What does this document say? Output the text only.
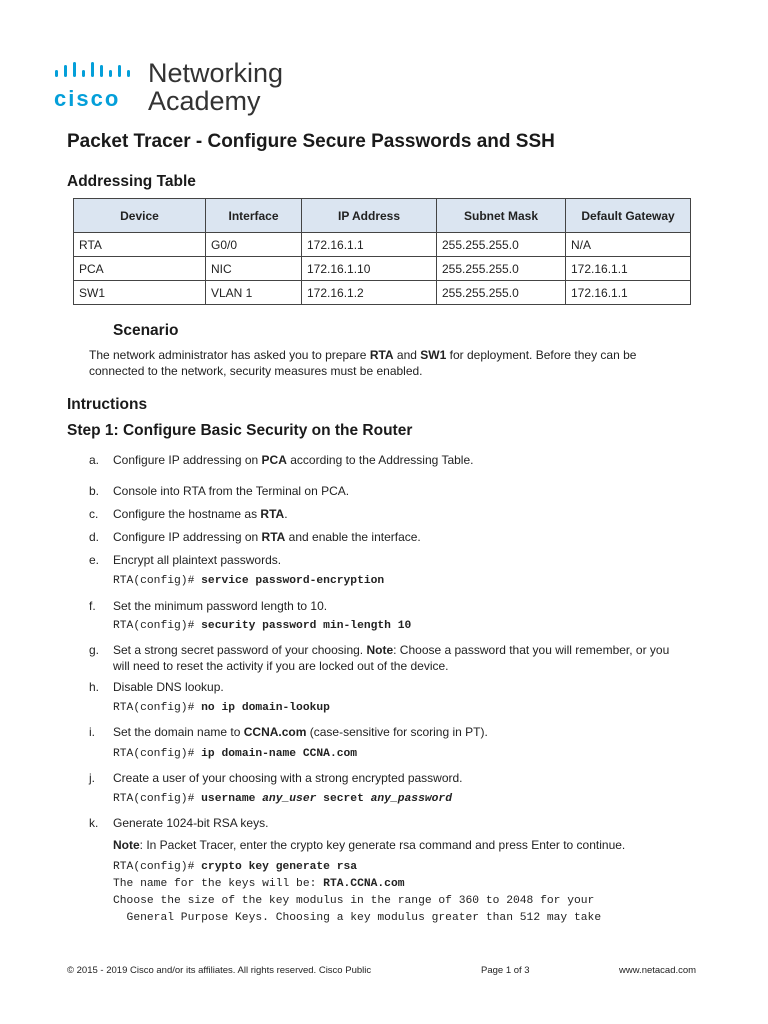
cisco
Networking
Academy
Packet Tracer - Configure Secure Passwords and SSH
Addressing Table
Device	Interface	IP Address	Subnet Mask	Default Gateway
RTA	G0/0	172.16.1.1	255.255.255.0	N/A
PCA	NIC	172.16.1.10	255.255.255.0	172.16.1.1
SW1	VLAN 1	172.16.1.2	255.255.255.0	172.16.1.1
Scenario
The network administrator has asked you to prepare RTA and SW1 for deployment. Before they can be
connected to the network, security measures must be enabled.
Intructions
Step 1: Configure Basic Security on the Router
a.	Configure IP addressing on PCA according to the Addressing Table.
b.	Console into RTA from the Terminal on PCA.
c.	Configure the hostname as RTA.
d.	Configure IP addressing on RTA and enable the interface.
e.	Encrypt all plaintext passwords.
RTA(config)# service password-encryption
f.	Set the minimum password length to 10.
RTA(config)# security password min-length 10
g.	Set a strong secret password of your choosing. Note: Choose a password that you will remember, or you
will need to reset the activity if you are locked out of the device.
h.	Disable DNS lookup.
RTA(config)# no ip domain-lookup
i.	Set the domain name to CCNA.com (case-sensitive for scoring in PT).
RTA(config)# ip domain-name CCNA.com
j.	Create a user of your choosing with a strong encrypted password.
RTA(config)# username any_user secret any_password
k.	Generate 1024-bit RSA keys.
Note: In Packet Tracer, enter the crypto key generate rsa command and press Enter to continue.
RTA(config)# crypto key generate rsa
The name for the keys will be: RTA.CCNA.com
Choose the size of the key modulus in the range of 360 to 2048 for your
General Purpose Keys. Choosing a key modulus greater than 512 may take
© 2015 - 2019 Cisco and/or its affiliates. All rights reserved. Cisco Public	Page 1 of 3	www.netacad.com
